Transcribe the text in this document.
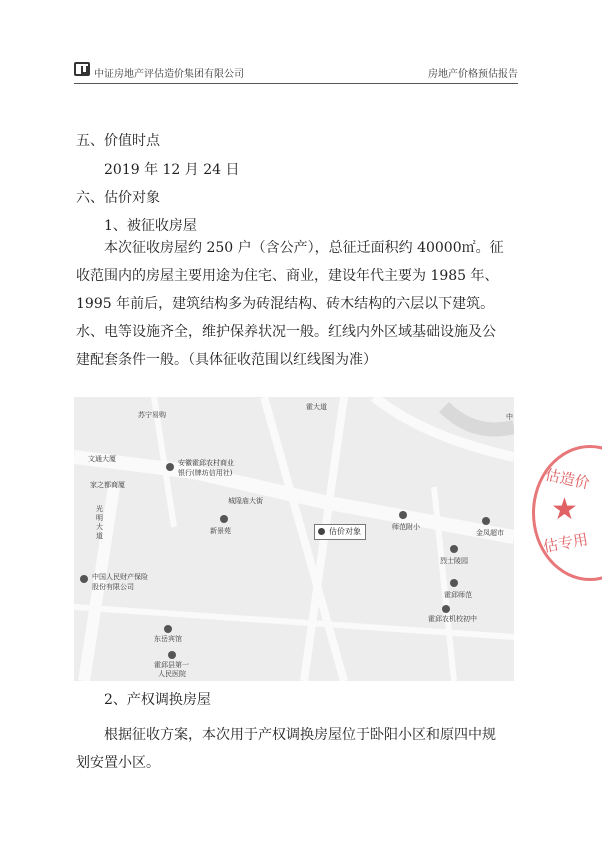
中证房地产评估造价集团有限公司	房地产价格预估报告
五、价值时点
2019 年 12 月 24 日
六、估价对象
1、被征收房屋
本次征收房屋约 250 户（含公产），总征迁面积约 40000㎡。征
收范围内的房屋主要用途为住宅、商业，建设年代主要为 1985 年、
1995 年前后，建筑结构多为砖混结构、砖木结构的六层以下建筑。
水、电等设施齐全，维护保养状况一般。红线内外区域基础设施及公
建配套条件一般。（具体征收范围以红线图为准）
苏宁易购
霍大道
中
文通大厦	安徽霍邱农村商业
银行(牌坊信用社)
家之都商厦
城隍庙大街
光明大道
新景苑	估价对象	师范附小
金凤超市
烈士陵园
中国人民财产保险
股份有限公司
霍邱师范
霍邱农机校初中
东岳宾馆
霍邱县第一
人民医院
估造价
★
估专用
2、产权调换房屋
根据征收方案，本次用于产权调换房屋位于卧阳小区和原四中规
划安置小区。
